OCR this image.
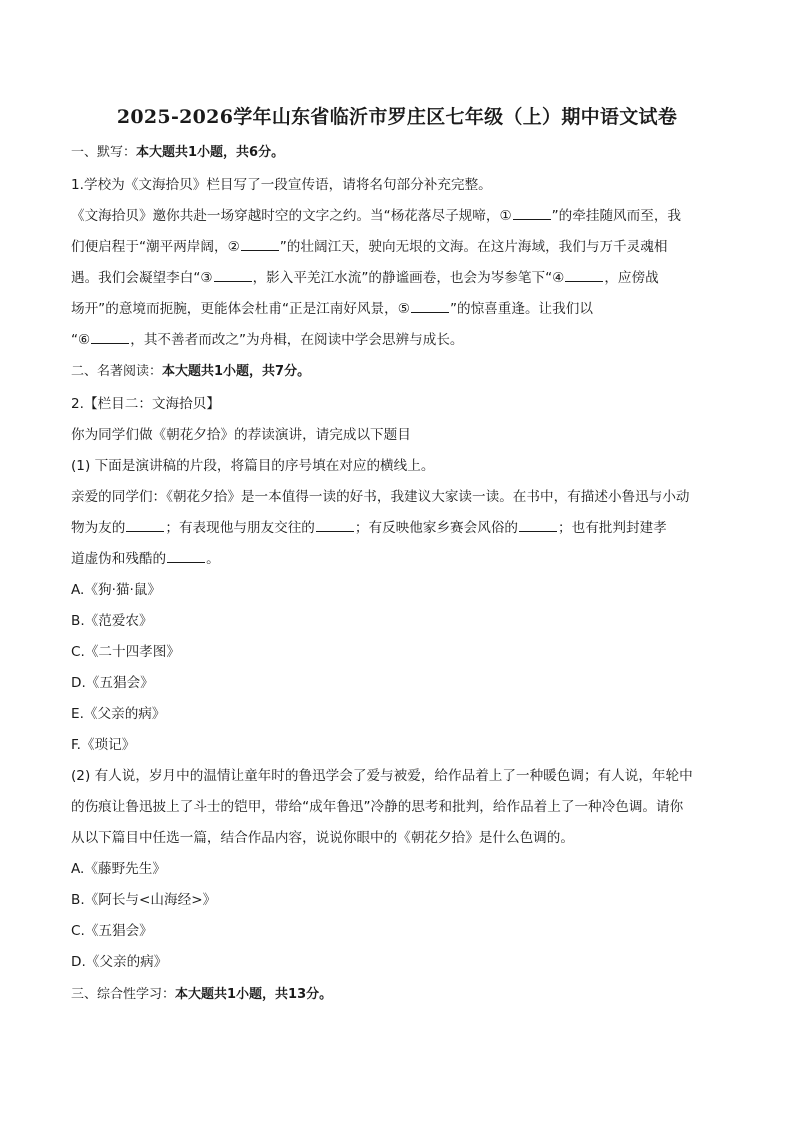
2025-2026学年山东省临沂市罗庄区七年级（上）期中语文试卷
一、默写：本大题共1小题，共6分。
1.学校为《文海拾贝》栏目写了一段宣传语，请将名句部分补充完整。
《文海拾贝》邀你共赴一场穿越时空的文字之约。当“杨花落尽子规啼，①	”的牵挂随风而至，我
们便启程于“潮平两岸阔，②	”的壮阔江天，驶向无垠的文海。在这片海域，我们与万千灵魂相
遇。我们会凝望李白“③	，影入平羌江水流”的静谧画卷，也会为岑参笔下“④	，应傍战
场开”的意境而扼腕，更能体会杜甫“正是江南好风景，⑤	”的惊喜重逢。让我们以
“⑥	，其不善者而改之”为舟楫，在阅读中学会思辨与成长。
二、名著阅读：本大题共1小题，共7分。
2.【栏目二：文海拾贝】
你为同学们做《朝花夕拾》的荐读演讲，请完成以下题目
(1) 下面是演讲稿的片段，将篇目的序号填在对应的横线上。
亲爱的同学们：《朝花夕拾》是一本值得一读的好书，我建议大家读一读。在书中，有描述小鲁迅与小动
物为友的	；有表现他与朋友交往的	；有反映他家乡赛会风俗的	；也有批判封建孝
道虚伪和残酷的	。
A.《狗·猫·鼠》
B.《范爱农》
C.《二十四孝图》
D.《五猖会》
E.《父亲的病》
F.《琐记》
(2) 有人说，岁月中的温情让童年时的鲁迅学会了爱与被爱，给作品着上了一种暖色调；有人说，年轮中
的伤痕让鲁迅披上了斗士的铠甲，带给“成年鲁迅”冷静的思考和批判，给作品着上了一种冷色调。请你
从以下篇目中任选一篇，结合作品内容，说说你眼中的《朝花夕拾》是什么色调的。
A.《藤野先生》
B.《阿长与<山海经>》
C.《五猖会》
D.《父亲的病》
三、综合性学习：本大题共1小题，共13分。
